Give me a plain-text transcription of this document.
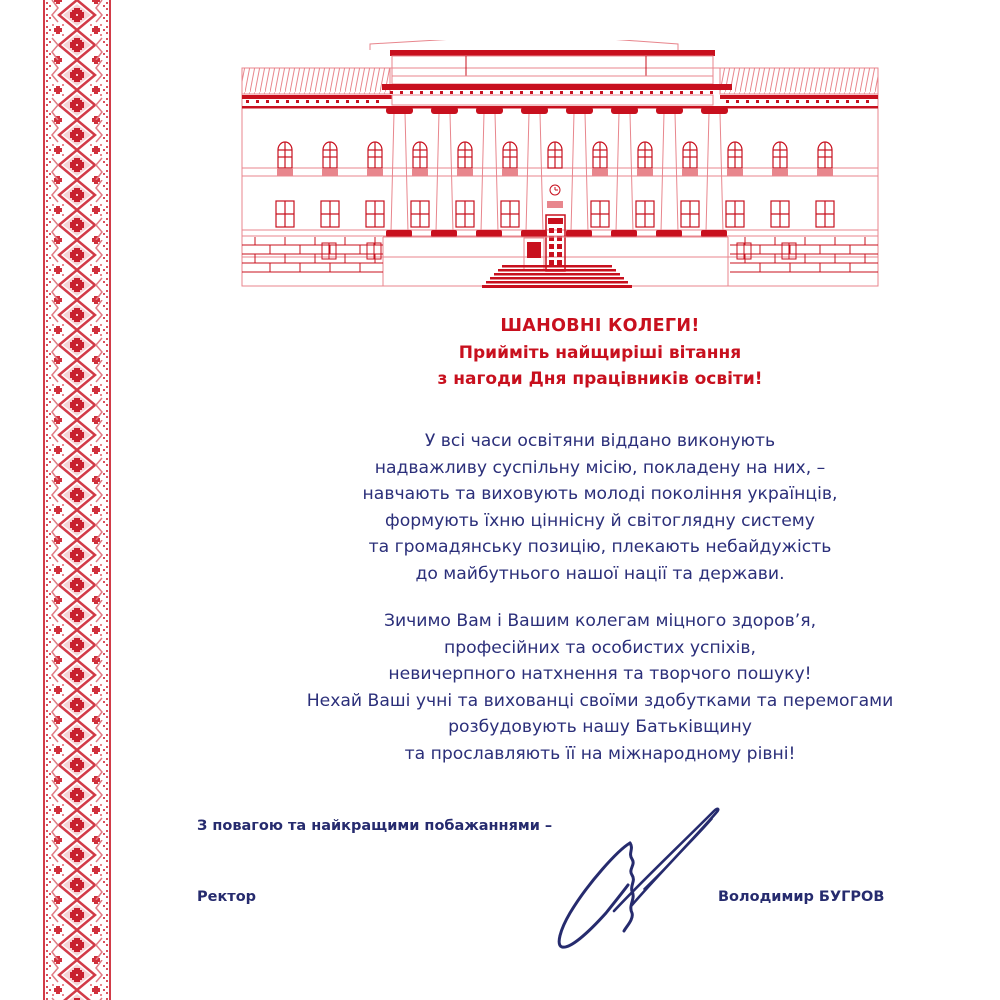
ШАНОВНІ КОЛЕГИ!
Прийміть найщиріші вітання
з нагоди Дня працівників освіти!
У всі часи освітяни віддано виконують
надважливу суспільну місію, покладену на них, –
навчають та виховують молоді покоління українців,
формують їхню ціннісну й світоглядну систему
та громадянську позицію, плекають небайдужість
до майбутнього нашої нації та держави.
Зичимо Вам і Вашим колегам міцного здоров’я,
професійних та особистих успіхів,
невичерпного натхнення та творчого пошуку!
Нехай Ваші учні та вихованці своїми здобутками та перемогами
розбудовують нашу Батьківщину
та прославляють її на міжнародному рівні!
З повагою та найкращими побажаннями –
Ректор	Володимир БУГРОВ
